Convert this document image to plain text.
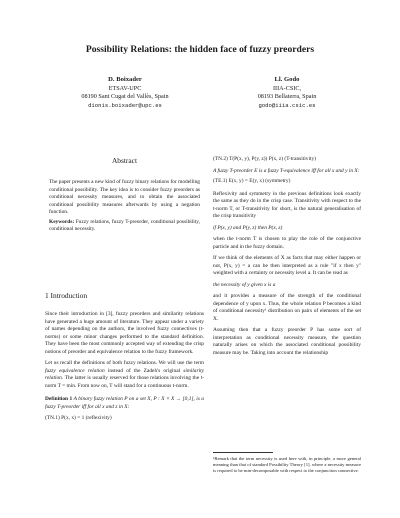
Possibility Relations: the hidden face of fuzzy preorders
D. Boixader
ETSAV-UPC
08190 Sant Cugat del Vallès, Spain
dionis.boixader@upc.es
Ll. Godo
IIIA-CSIC,
08193 Bellaterra, Spain
godo@iiia.csic.es
Abstract

The paper presents a new kind of fuzzy binary relations for modelling conditional possibility. The key idea is to consider fuzzy preorders as conditional necessity measures, and to obtain the associated conditional possibility measures afterwards by using a negation function.

Keywords: Fuzzy relations, fuzzy T-preorder, conditional possibility, conditional necessity.

1 Introduction

Since their introduction in [3], fuzzy preorders and similarity relations have generated a huge amount of literature. They appear under a variety of names depending on the authors, the involved fuzzy connectives (t-norms) or some minor changes performed to the standard definition. They have been the most commonly accepted way of extending the crisp notions of preorder and equivalence relation to the fuzzy framework.

Let us recall the definitions of both fuzzy relations. We will use the term fuzzy equivalence relation instead of the Zadeh's original similarity relation. The latter is usually reserved for those relations involving the t-norm T = min. From now on, T will stand for a continuous t-norm.

Definition 1 A binary fuzzy relation P on a set X, P : X × X → [0,1], is a fuzzy T-preorder iff for all x and z in X:

(TN.1) P(x, x) = 1 (reflexivity)

(TN.2) T(P(x, y), P(y, z)) P(x, z) (T-transitivity)

A fuzzy T-preorder E is a fuzzy T-equivalence iff for all x and y in X:

(TE.1) E(x, y) = E(y, x) (symmetry)

Reflexivity and symmetry in the previous definitions look exactly the same as they do in the crisp case. Transitivity with respect to the t-norm T, or T-transitivity for short, is the natural generalisation of the crisp transitivity

if P(x, y) and P(y, z) then P(x, z)

when the t-norm T is chosen to play the role of the conjunctive particle and in the fuzzy domain.

If we think of the elements of X as facts that may either happen or not, P(x, y) = a can be then interpreted as a rule "if x then y" weighted with a certainty or necessity level a. It can be read as

the necessity of y given x is a

and it provides a measure of the strength of the conditional dependence of y upon x. Thus, the whole relation P becomes a kind of conditional necessity¹ distribution on pairs of elements of the set X.

Assuming then that a fuzzy preorder P has some sort of interpretation as conditional necessity measure, the question naturally arises on which the associated conditional possibility measure may be. Taking into account the relationship

¹Remark that the term necessity is used here with, in principle, a more general meaning than that of standard Possibility Theory [1], where a necessity measure is required to be min-decomposable with respect to the conjunction connective.
